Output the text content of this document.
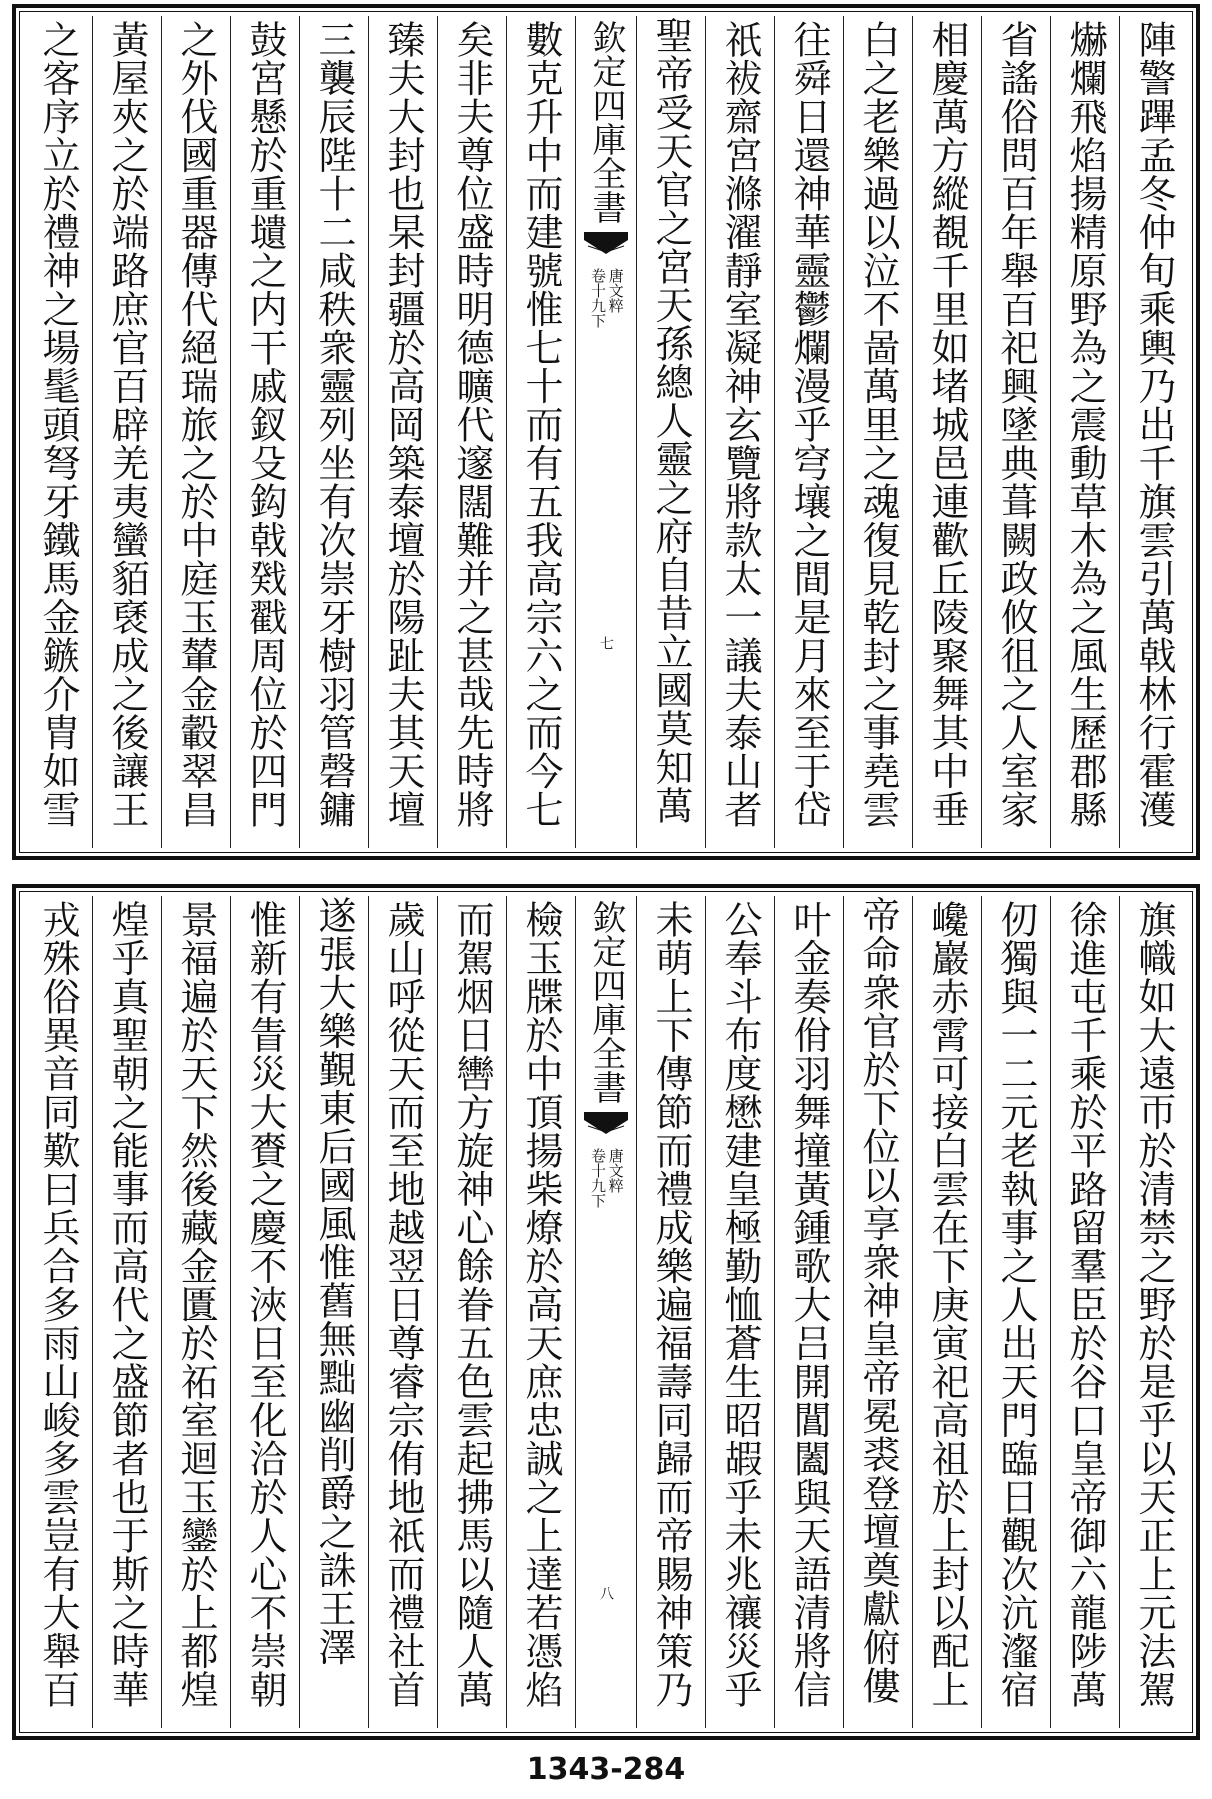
陣警蹕孟冬仲旬乘輿乃出千旗雲引萬戟林行霍濩
爀爛飛焰揚精原野為之震動草木為之風生歷郡縣
省謠俗問百年舉百祀興墜典葺闕政攸徂之人室家
相慶萬方縱覩千里如堵城邑連歡丘陵聚舞其中垂
白之老樂過以泣不啚萬里之魂復見乾封之事堯雲
往舜日還神華靈鬱爛漫乎穹壤之間是月來至于岱
祇袚齋宮滌濯靜室凝神玄覽將款太一議夫泰山者
聖帝受天官之宮天孫總人靈之府自昔立國莫知萬
欽定四庫全書
唐文粹
卷十九下
七
數克升中而建號惟七十而有五我高宗六之而今七
矣非夫尊位盛時明德曠代邃闊難并之甚哉先時將
臻夫大封也杲封疆於高岡築泰壇於陽趾夫其天壇
三襲辰陛十二咸秩衆靈列坐有次崇牙樹羽管磬鏞
鼓宮懸於重壝之内干戚釵殳鈎戟戣戳周位於四門
之外伐國重器傳代絕瑞旅之於中庭玉輦金轂翠昌
黃屋夾之於端路庶官百辟羌夷蠻貊褎成之後讓王
之客序立於禮神之場髦頭弩牙鐵馬金鏃介胄如雪
旗幟如大遠帀於清禁之野於是乎以天正上元法駕
徐進屯千乘於平路留羣臣於谷口皇帝御六龍陟萬
仞獨與一二元老執事之人出天門臨日觀次沆瀣宿
巉巖赤霄可接白雲在下庚寅祀高祖於上封以配上
帝命衆官於下位以享衆神皇帝冕裘登壇奠獻俯僂
叶金奏佾羽舞撞黃鍾歌大吕開閶闔與天語清將信
公奉斗布度懋建皇極勤恤蒼生昭嘏乎未兆禳災乎
未萌上下傳節而禮成樂遍福壽同歸而帝賜神策乃
欽定四庫全書
唐文粹
卷十九下
八
檢玉牒於中頂揚柴燎於高天庶忠誠之上達若憑焰
而駕烟日轡方旋神心餘眷五色雲起拂馬以隨人萬
歲山呼從天而至地越翌日尊睿宗侑地祇而禮社首
遂張大樂覲東后國風惟舊無黜幽削爵之誅王澤
惟新有眚災大賚之慶不浹日至化洽於人心不崇朝
景福遍於天下然後藏金匱於祏室迴玉鑾於上都煌
煌乎真聖朝之能事而高代之盛節者也于斯之時華
戎殊俗異音同歎曰兵合多雨山峻多雲豈有大舉百
1343-284
